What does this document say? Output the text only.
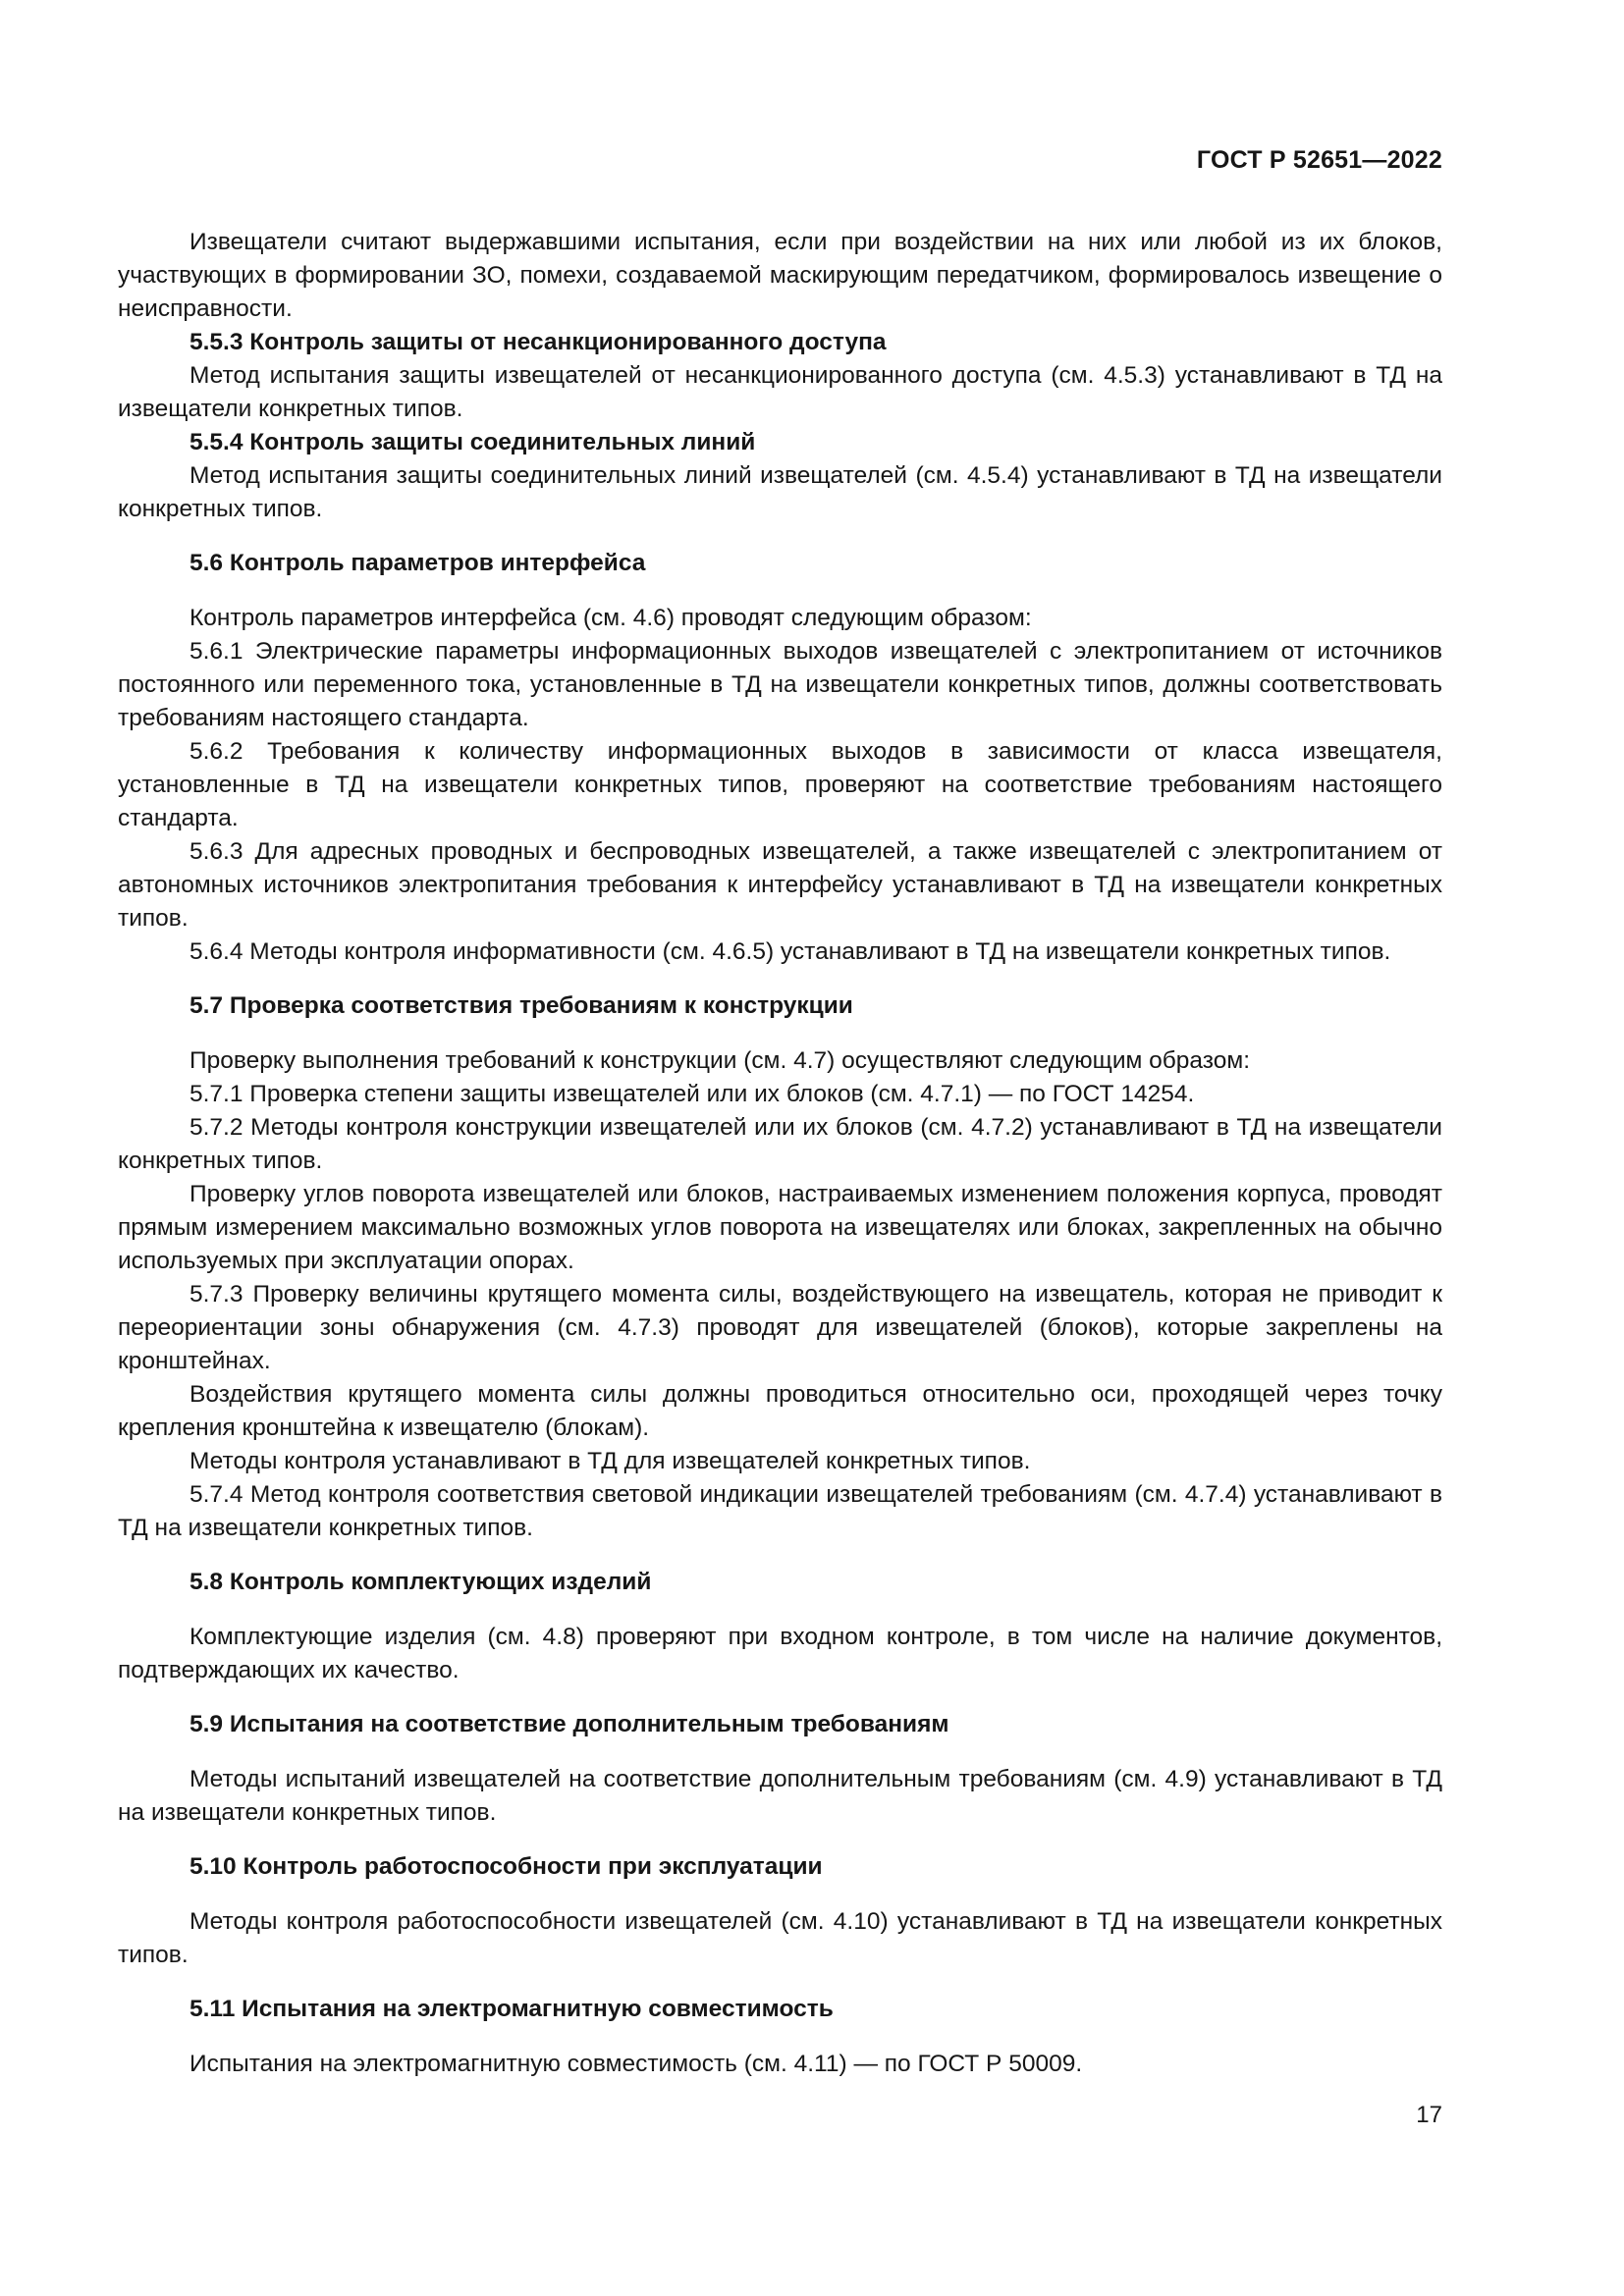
ГОСТ Р 52651—2022

Извещатели считают выдержавшими испытания, если при воздействии на них или любой из их блоков, участвующих в формировании ЗО, помехи, создаваемой маскирующим передатчиком, формировалось извещение о неисправности.

5.5.3 Контроль защиты от несанкционированного доступа

Метод испытания защиты извещателей от несанкционированного доступа (см. 4.5.3) устанавливают в ТД на извещатели конкретных типов.

5.5.4 Контроль защиты соединительных линий

Метод испытания защиты соединительных линий извещателей (см. 4.5.4) устанавливают в ТД на извещатели конкретных типов.

5.6 Контроль параметров интерфейса

Контроль параметров интерфейса (см. 4.6) проводят следующим образом:

5.6.1 Электрические параметры информационных выходов извещателей с электропитанием от источников постоянного или переменного тока, установленные в ТД на извещатели конкретных типов, должны соответствовать требованиям настоящего стандарта.

5.6.2 Требования к количеству информационных выходов в зависимости от класса извещателя, установленные в ТД на извещатели конкретных типов, проверяют на соответствие требованиям настоящего стандарта.

5.6.3 Для адресных проводных и беспроводных извещателей, а также извещателей с электропитанием от автономных источников электропитания требования к интерфейсу устанавливают в ТД на извещатели конкретных типов.

5.6.4 Методы контроля информативности (см. 4.6.5) устанавливают в ТД на извещатели конкретных типов.

5.7 Проверка соответствия требованиям к конструкции

Проверку выполнения требований к конструкции (см. 4.7) осуществляют следующим образом:

5.7.1 Проверка степени защиты извещателей или их блоков (см. 4.7.1) — по ГОСТ 14254.

5.7.2 Методы контроля конструкции извещателей или их блоков (см. 4.7.2) устанавливают в ТД на извещатели конкретных типов.

Проверку углов поворота извещателей или блоков, настраиваемых изменением положения корпуса, проводят прямым измерением максимально возможных углов поворота на извещателях или блоках, закрепленных на обычно используемых при эксплуатации опорах.

5.7.3 Проверку величины крутящего момента силы, воздействующего на извещатель, которая не приводит к переориентации зоны обнаружения (см. 4.7.3) проводят для извещателей (блоков), которые закреплены на кронштейнах.

Воздействия крутящего момента силы должны проводиться относительно оси, проходящей через точку крепления кронштейна к извещателю (блокам).

Методы контроля устанавливают в ТД для извещателей конкретных типов.

5.7.4 Метод контроля соответствия световой индикации извещателей требованиям (см. 4.7.4) устанавливают в ТД на извещатели конкретных типов.

5.8 Контроль комплектующих изделий

Комплектующие изделия (см. 4.8) проверяют при входном контроле, в том числе на наличие документов, подтверждающих их качество.

5.9 Испытания на соответствие дополнительным требованиям

Методы испытаний извещателей на соответствие дополнительным требованиям (см. 4.9) устанавливают в ТД на извещатели конкретных типов.

5.10 Контроль работоспособности при эксплуатации

Методы контроля работоспособности извещателей (см. 4.10) устанавливают в ТД на извещатели конкретных типов.

5.11 Испытания на электромагнитную совместимость

Испытания на электромагнитную совместимость (см. 4.11) — по ГОСТ Р 50009.

17
